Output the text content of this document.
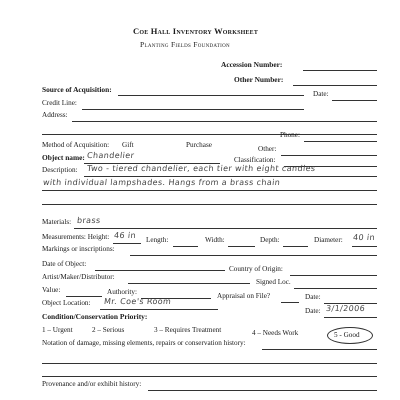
Coe Hall Inventory Worksheet
Planting Fields Foundation
Accession Number:
Other Number:
Source of Acquisition:	Date:
Credit Line:
Address:
Phone:
Method of Acquisition: Gift	Purchase	Other:
Object name: Chandelier	Classification:
Description: Two - tiered chandelier, each tier with eight candles
with individual lampshades. Hangs from a brass chain
Materials: brass
Measurements: Height: 46 in Length:	Width:	Depth:	Diameter: 40 in
Markings or inscriptions:
Date of Object:
Country of Origin:
Artist/Maker/Distributor:
Signed Loc.
Value:	Authority:	Appraisal on File?	Date:
Object Location: Mr. Coe's Room
Date: 3/1/2006
Condition/Conservation Priority:
1 – Urgent	2 – Serious	3 – Requires Treatment	4 – Needs Work	5 - Good
Notation of damage, missing elements, repairs or conservation history:
Provenance and/or exhibit history:
